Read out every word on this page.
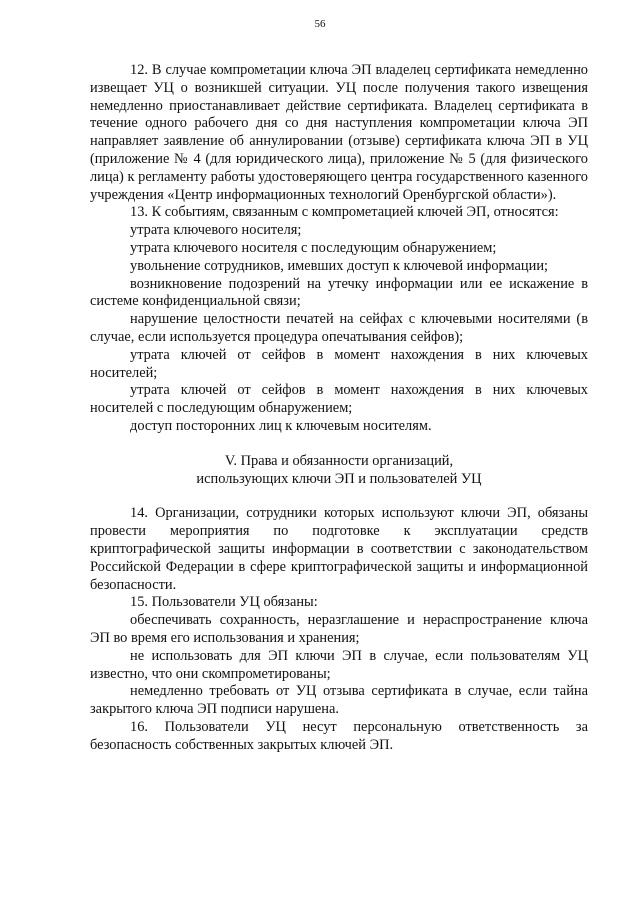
56

12. В случае компрометации ключа ЭП владелец сертификата немедленно извещает УЦ о возникшей ситуации. УЦ после получения такого извещения немедленно приостанавливает действие сертификата. Владелец сертификата в течение одного рабочего дня со дня наступления компрометации ключа ЭП направляет заявление об аннулировании (отзыве) сертификата ключа ЭП в УЦ (приложение № 4 (для юридического лица), приложение № 5 (для физического лица) к регламенту работы удостоверяющего центра государственного казенного учреждения «Центр информационных технологий Оренбургской области»).

13. К событиям, связанным с компрометацией ключей ЭП, относятся:

утрата ключевого носителя;

утрата ключевого носителя с последующим обнаружением;

увольнение сотрудников, имевших доступ к ключевой информации;

возникновение подозрений на утечку информации или ее искажение в системе конфиденциальной связи;

нарушение целостности печатей на сейфах с ключевыми носителями (в случае, если используется процедура опечатывания сейфов);

утрата ключей от сейфов в момент нахождения в них ключевых носителей;

утрата ключей от сейфов в момент нахождения в них ключевых носителей с последующим обнаружением;

доступ посторонних лиц к ключевым носителям.

V. Права и обязанности организаций,
использующих ключи ЭП и пользователей УЦ

14. Организации, сотрудники которых используют ключи ЭП, обязаны провести мероприятия по подготовке к эксплуатации средств криптографической защиты информации в соответствии с законодательством Российской Федерации в сфере криптографической защиты и информационной безопасности.

15. Пользователи УЦ обязаны:

обеспечивать сохранность, неразглашение и нераспространение ключа ЭП во время его использования и хранения;

не использовать для ЭП ключи ЭП в случае, если пользователям УЦ известно, что они скомпрометированы;

немедленно требовать от УЦ отзыва сертификата в случае, если тайна закрытого ключа ЭП подписи нарушена.

16. Пользователи УЦ несут персональную ответственность за безопасность собственных закрытых ключей ЭП.
